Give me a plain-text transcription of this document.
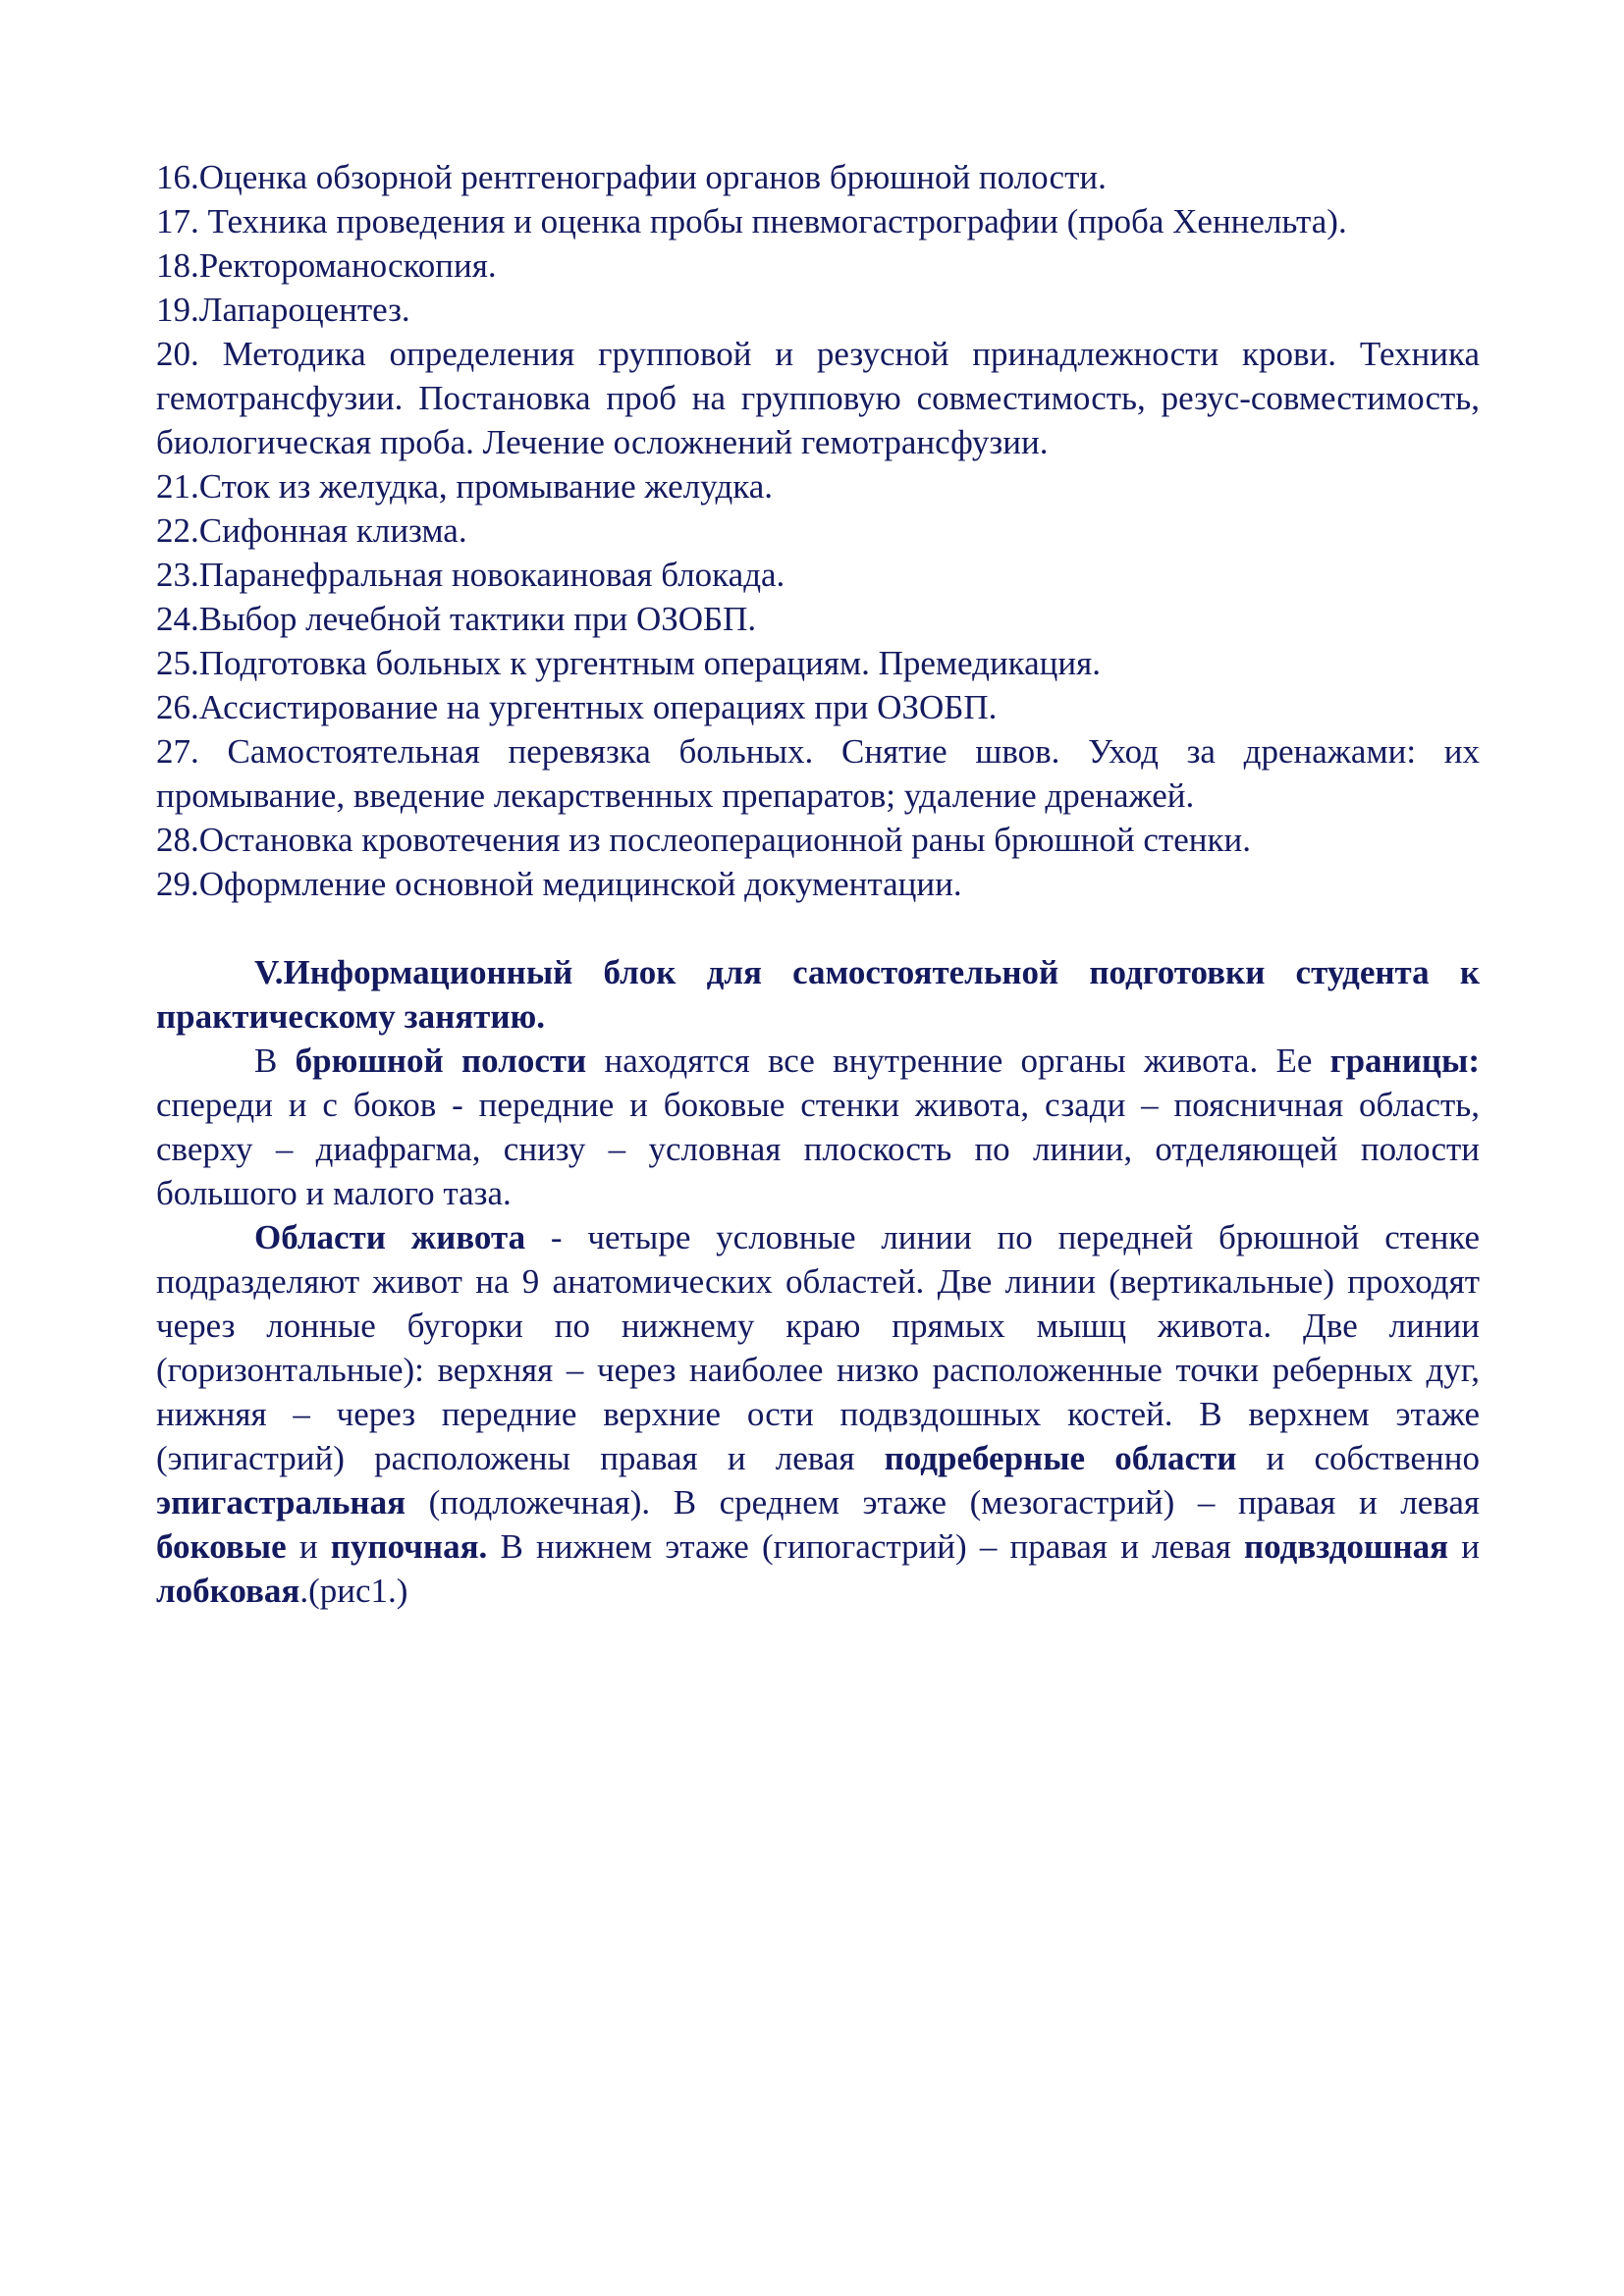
16. Оценка обзорной рентгенографии органов брюшной полости.
17. Техника проведения и оценка пробы пневмогастрографии (проба Хеннельта).
18. Ректороманоскопия.
19. Лапароцентез.
20. Методика определения групповой и резусной принадлежности крови. Техника гемотрансфузии. Постановка проб на групповую совместимость, резус-совместимость, биологическая проба. Лечение осложнений гемотрансфузии.
21. Сток из желудка, промывание желудка.
22. Сифонная клизма.
23. Паранефральная новокаиновая блокада.
24. Выбор лечебной тактики при ОЗОБП.
25. Подготовка больных к ургентным операциям. Премедикация.
26. Ассистирование на ургентных операциях при ОЗОБП.
27. Самостоятельная перевязка больных. Снятие швов. Уход за дренажами: их промывание, введение лекарственных препаратов; удаление дренажей.
28. Остановка кровотечения из послеоперационной раны брюшной стенки.
29. Оформление основной медицинской документации.

V.Информационный блок для самостоятельной подготовки студента к практическому занятию.

В брюшной полости находятся все внутренние органы живота. Ее границы: спереди и с боков - передние и боковые стенки живота, сзади – поясничная область, сверху – диафрагма, снизу – условная плоскость по линии, отделяющей полости большого и малого таза.

Области живота - четыре условные линии по передней брюшной стенке подразделяют живот на 9 анатомических областей. Две линии (вертикальные) проходят через лонные бугорки по нижнему краю прямых мышц живота. Две линии (горизонтальные): верхняя – через наиболее низко расположенные точки реберных дуг, нижняя – через передние верхние ости подвздошных костей. В верхнем этаже (эпигастрий) расположены правая и левая подреберные области и собственно эпигастральная (подложечная). В среднем этаже (мезогастрий) – правая и левая боковые и пупочная. В нижнем этаже (гипогастрий) – правая и левая подвздошная и лобковая.(рис1.)
